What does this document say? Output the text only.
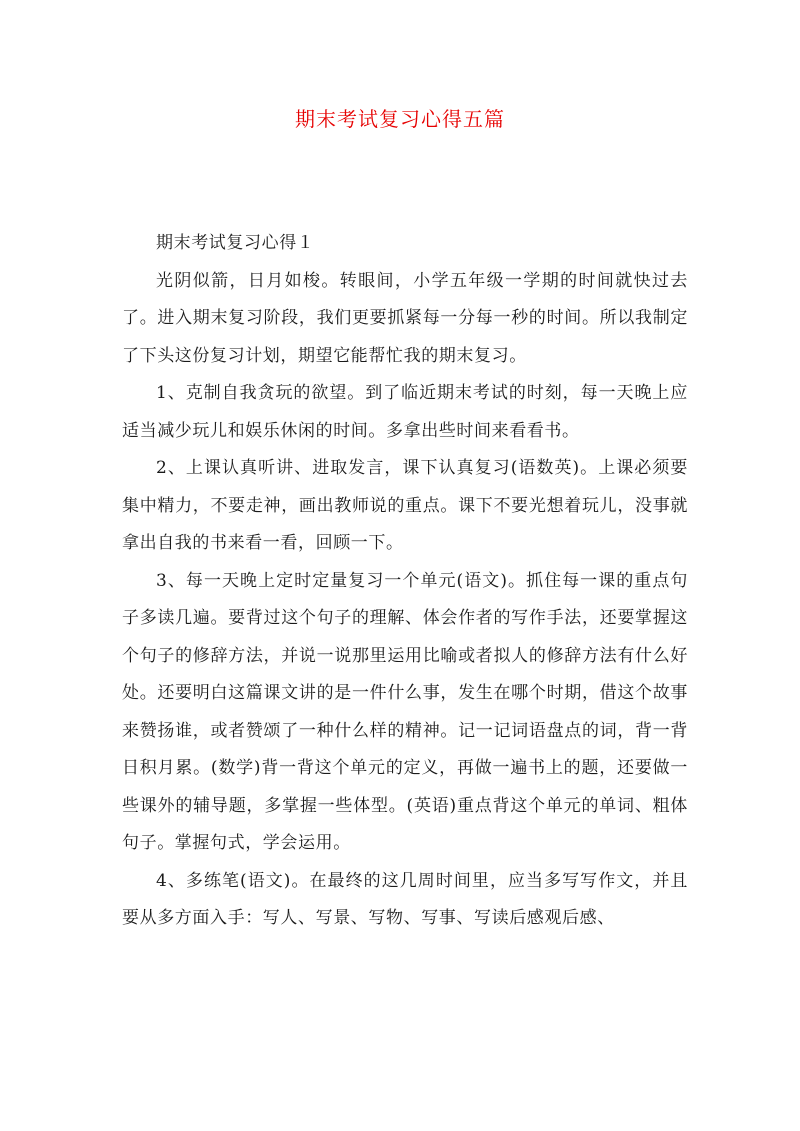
期末考试复习心得五篇

期末考试复习心得１

光阴似箭，日月如梭。转眼间，小学五年级一学期的时间就快过去了。进入期末复习阶段，我们更要抓紧每一分每一秒的时间。所以我制定了下头这份复习计划，期望它能帮忙我的期末复习。

1、克制自我贪玩的欲望。到了临近期末考试的时刻，每一天晚上应适当减少玩儿和娱乐休闲的时间。多拿出些时间来看看书。

2、上课认真听讲、进取发言，课下认真复习(语数英)。上课必须要集中精力，不要走神，画出教师说的重点。课下不要光想着玩儿，没事就拿出自我的书来看一看，回顾一下。

3、每一天晚上定时定量复习一个单元(语文)。抓住每一课的重点句子多读几遍。要背过这个句子的理解、体会作者的写作手法，还要掌握这个句子的修辞方法，并说一说那里运用比喻或者拟人的修辞方法有什么好处。还要明白这篇课文讲的是一件什么事，发生在哪个时期，借这个故事来赞扬谁，或者赞颂了一种什么样的精神。记一记词语盘点的词，背一背日积月累。(数学)背一背这个单元的定义，再做一遍书上的题，还要做一些课外的辅导题，多掌握一些体型。(英语)重点背这个单元的单词、粗体句子。掌握句式，学会运用。

4、多练笔(语文)。在最终的这几周时间里，应当多写写作文，并且要从多方面入手：写人、写景、写物、写事、写读后感观后感、
